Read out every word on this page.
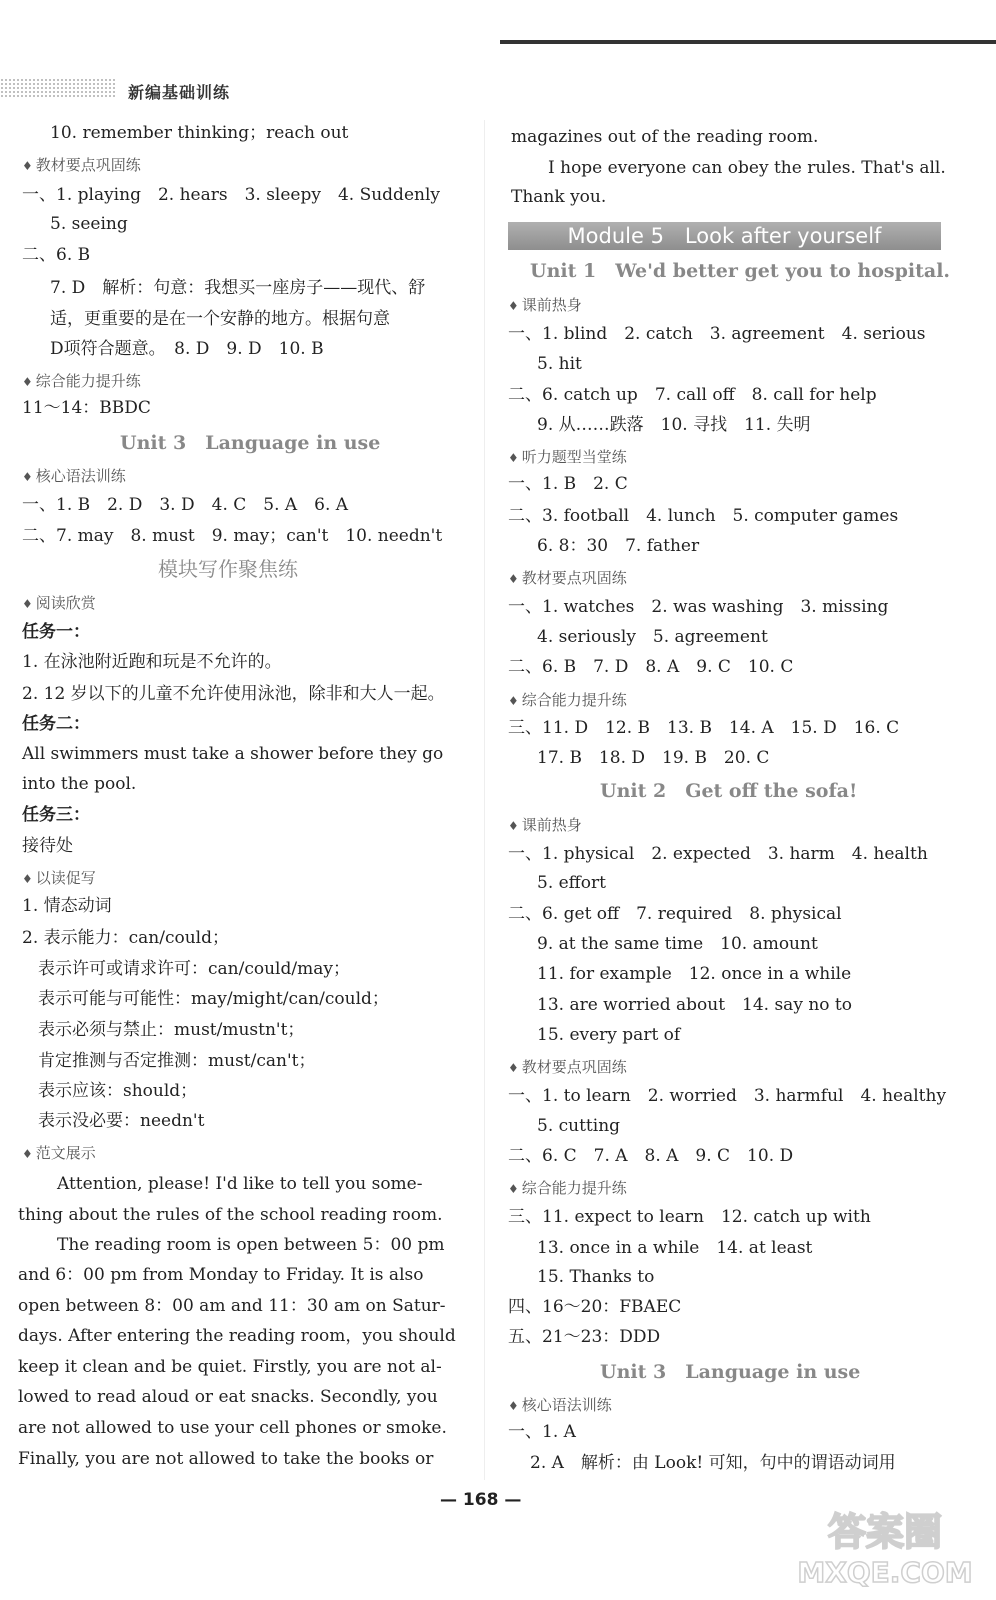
新编基础训练
10. remember thinking；reach out
♦ 教材要点巩固练
一、1. playing　2. hears　3. sleepy　4. Suddenly
5. seeing
二、6. B
7. D　解析：句意：我想买一座房子——现代、舒
适，更重要的是在一个安静的地方。根据句意
D项符合题意。　8. D　9. D　10. B
♦ 综合能力提升练
11～14：BBDC
Unit 3　Language in use
♦ 核心语法训练
一、1. B　2. D　3. D　4. C　5. A　6. A
二、7. may　8. must　9. may；can't　10. needn't
模块写作聚焦练
♦ 阅读欣赏
任务一：
1. 在泳池附近跑和玩是不允许的。
2. 12 岁以下的儿童不允许使用泳池，除非和大人一起。
任务二：
All swimmers must take a shower before they go
into the pool.
任务三：
接待处
♦ 以读促写
1. 情态动词
2. 表示能力：can/could；
表示许可或请求许可：can/could/may；
表示可能与可能性：may/might/can/could；
表示必须与禁止：must/mustn't；
肯定推测与否定推测：must/can't；
表示应该：should；
表示没必要：needn't
♦ 范文展示
Attention, please! I'd like to tell you some-
thing about the rules of the school reading room.
The reading room is open between 5：00 pm
and 6：00 pm from Monday to Friday. It is also
open between 8：00 am and 11：30 am on Satur-
days. After entering the reading room，you should
keep it clean and be quiet. Firstly, you are not al-
lowed to read aloud or eat snacks. Secondly, you
are not allowed to use your cell phones or smoke.
Finally, you are not allowed to take the books or
magazines out of the reading room.
I hope everyone can obey the rules. That's all.
Thank you.
Unit 1　We'd better get you to hospital.
♦ 课前热身
一、1. blind　2. catch　3. agreement　4. serious
5. hit
二、6. catch up　7. call off　8. call for help
9. 从……跌落　10. 寻找　11. 失明
♦ 听力题型当堂练
一、1. B　2. C
二、3. football　4. lunch　5. computer games
6. 8：30　7. father
♦ 教材要点巩固练
一、1. watches　2. was washing　3. missing
4. seriously　5. agreement
二、6. B　7. D　8. A　9. C　10. C
♦ 综合能力提升练
三、11. D　12. B　13. B　14. A　15. D　16. C
17. B　18. D　19. B　20. C
Unit 2　Get off the sofa!
♦ 课前热身
一、1. physical　2. expected　3. harm　4. health
5. effort
二、6. get off　7. required　8. physical
9. at the same time　10. amount
11. for example　12. once in a while
13. are worried about　14. say no to
15. every part of
♦ 教材要点巩固练
一、1. to learn　2. worried　3. harmful　4. healthy
5. cutting
二、6. C　7. A　8. A　9. C　10. D
♦ 综合能力提升练
三、11. expect to learn　12. catch up with
13. once in a while　14. at least
15. Thanks to
四、16～20：FBAEC
五、21～23：DDD
Unit 3　Language in use
♦ 核心语法训练
一、1. A
2. A　解析：由 Look! 可知，句中的谓语动词用
Module 5　Look after yourself
— 168 —
答案圈
MXQE.COM
